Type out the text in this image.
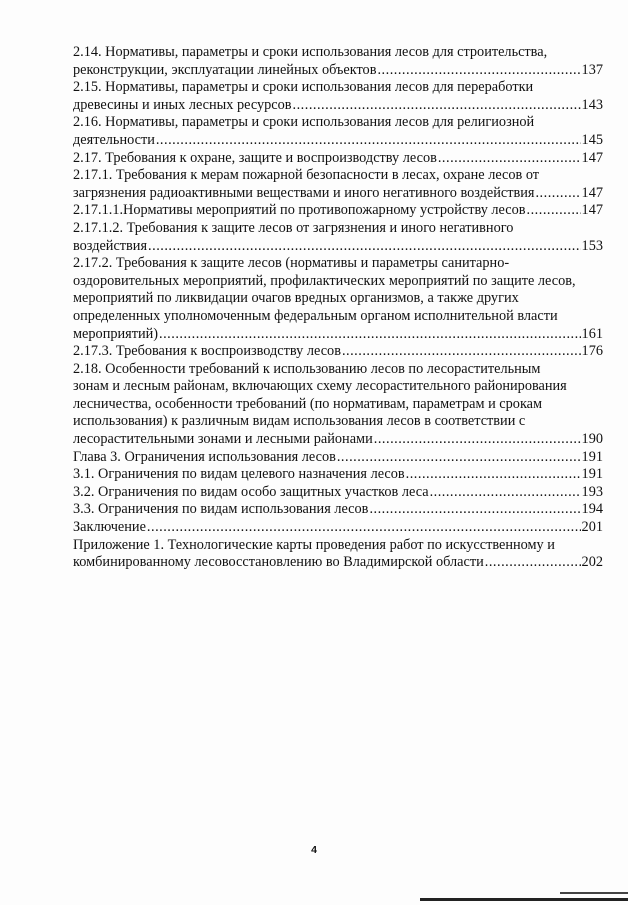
2.14. Нормативы, параметры и сроки использования лесов для строительства,
реконструкции, эксплуатации линейных объектов .....	137
2.15. Нормативы, параметры и сроки использования лесов для переработки
древесины и иных лесных ресурсов .....	143
2.16. Нормативы, параметры и сроки использования лесов для религиозной
деятельности .....	145
2.17. Требования к охране, защите и воспроизводству лесов .....	147
2.17.1. Требования к мерам пожарной безопасности в лесах, охране лесов от
загрязнения радиоактивными веществами и иного негативного воздействия .....	147
2.17.1.1.Нормативы мероприятий по противопожарному устройству лесов .....	147
2.17.1.2. Требования к защите лесов от загрязнения и иного негативного
воздействия .....	153
2.17.2. Требования к защите лесов (нормативы и параметры санитарно-
оздоровительных мероприятий, профилактических мероприятий по защите лесов,
мероприятий по ликвидации очагов вредных организмов, а также других
определенных уполномоченным федеральным органом исполнительной власти
мероприятий) .....	161
2.17.3. Требования к воспроизводству лесов .....	176
2.18. Особенности требований к использованию лесов по лесорастительным
зонам и лесным районам, включающих схему лесорастительного районирования
лесничества, особенности требований (по нормативам, параметрам и срокам
использования) к различным видам использования лесов в соответствии с
лесорастительными зонами и лесными районами .....	190
Глава 3. Ограничения использования лесов .....	191
3.1. Ограничения по видам целевого назначения лесов .....	191
3.2. Ограничения по видам особо защитных участков леса .....	193
3.3. Ограничения по видам использования лесов .....	194
Заключение .....	201
Приложение 1. Технологические карты проведения работ по искусственному и
комбинированному лесовосстановлению во Владимирской области .....	202
4
